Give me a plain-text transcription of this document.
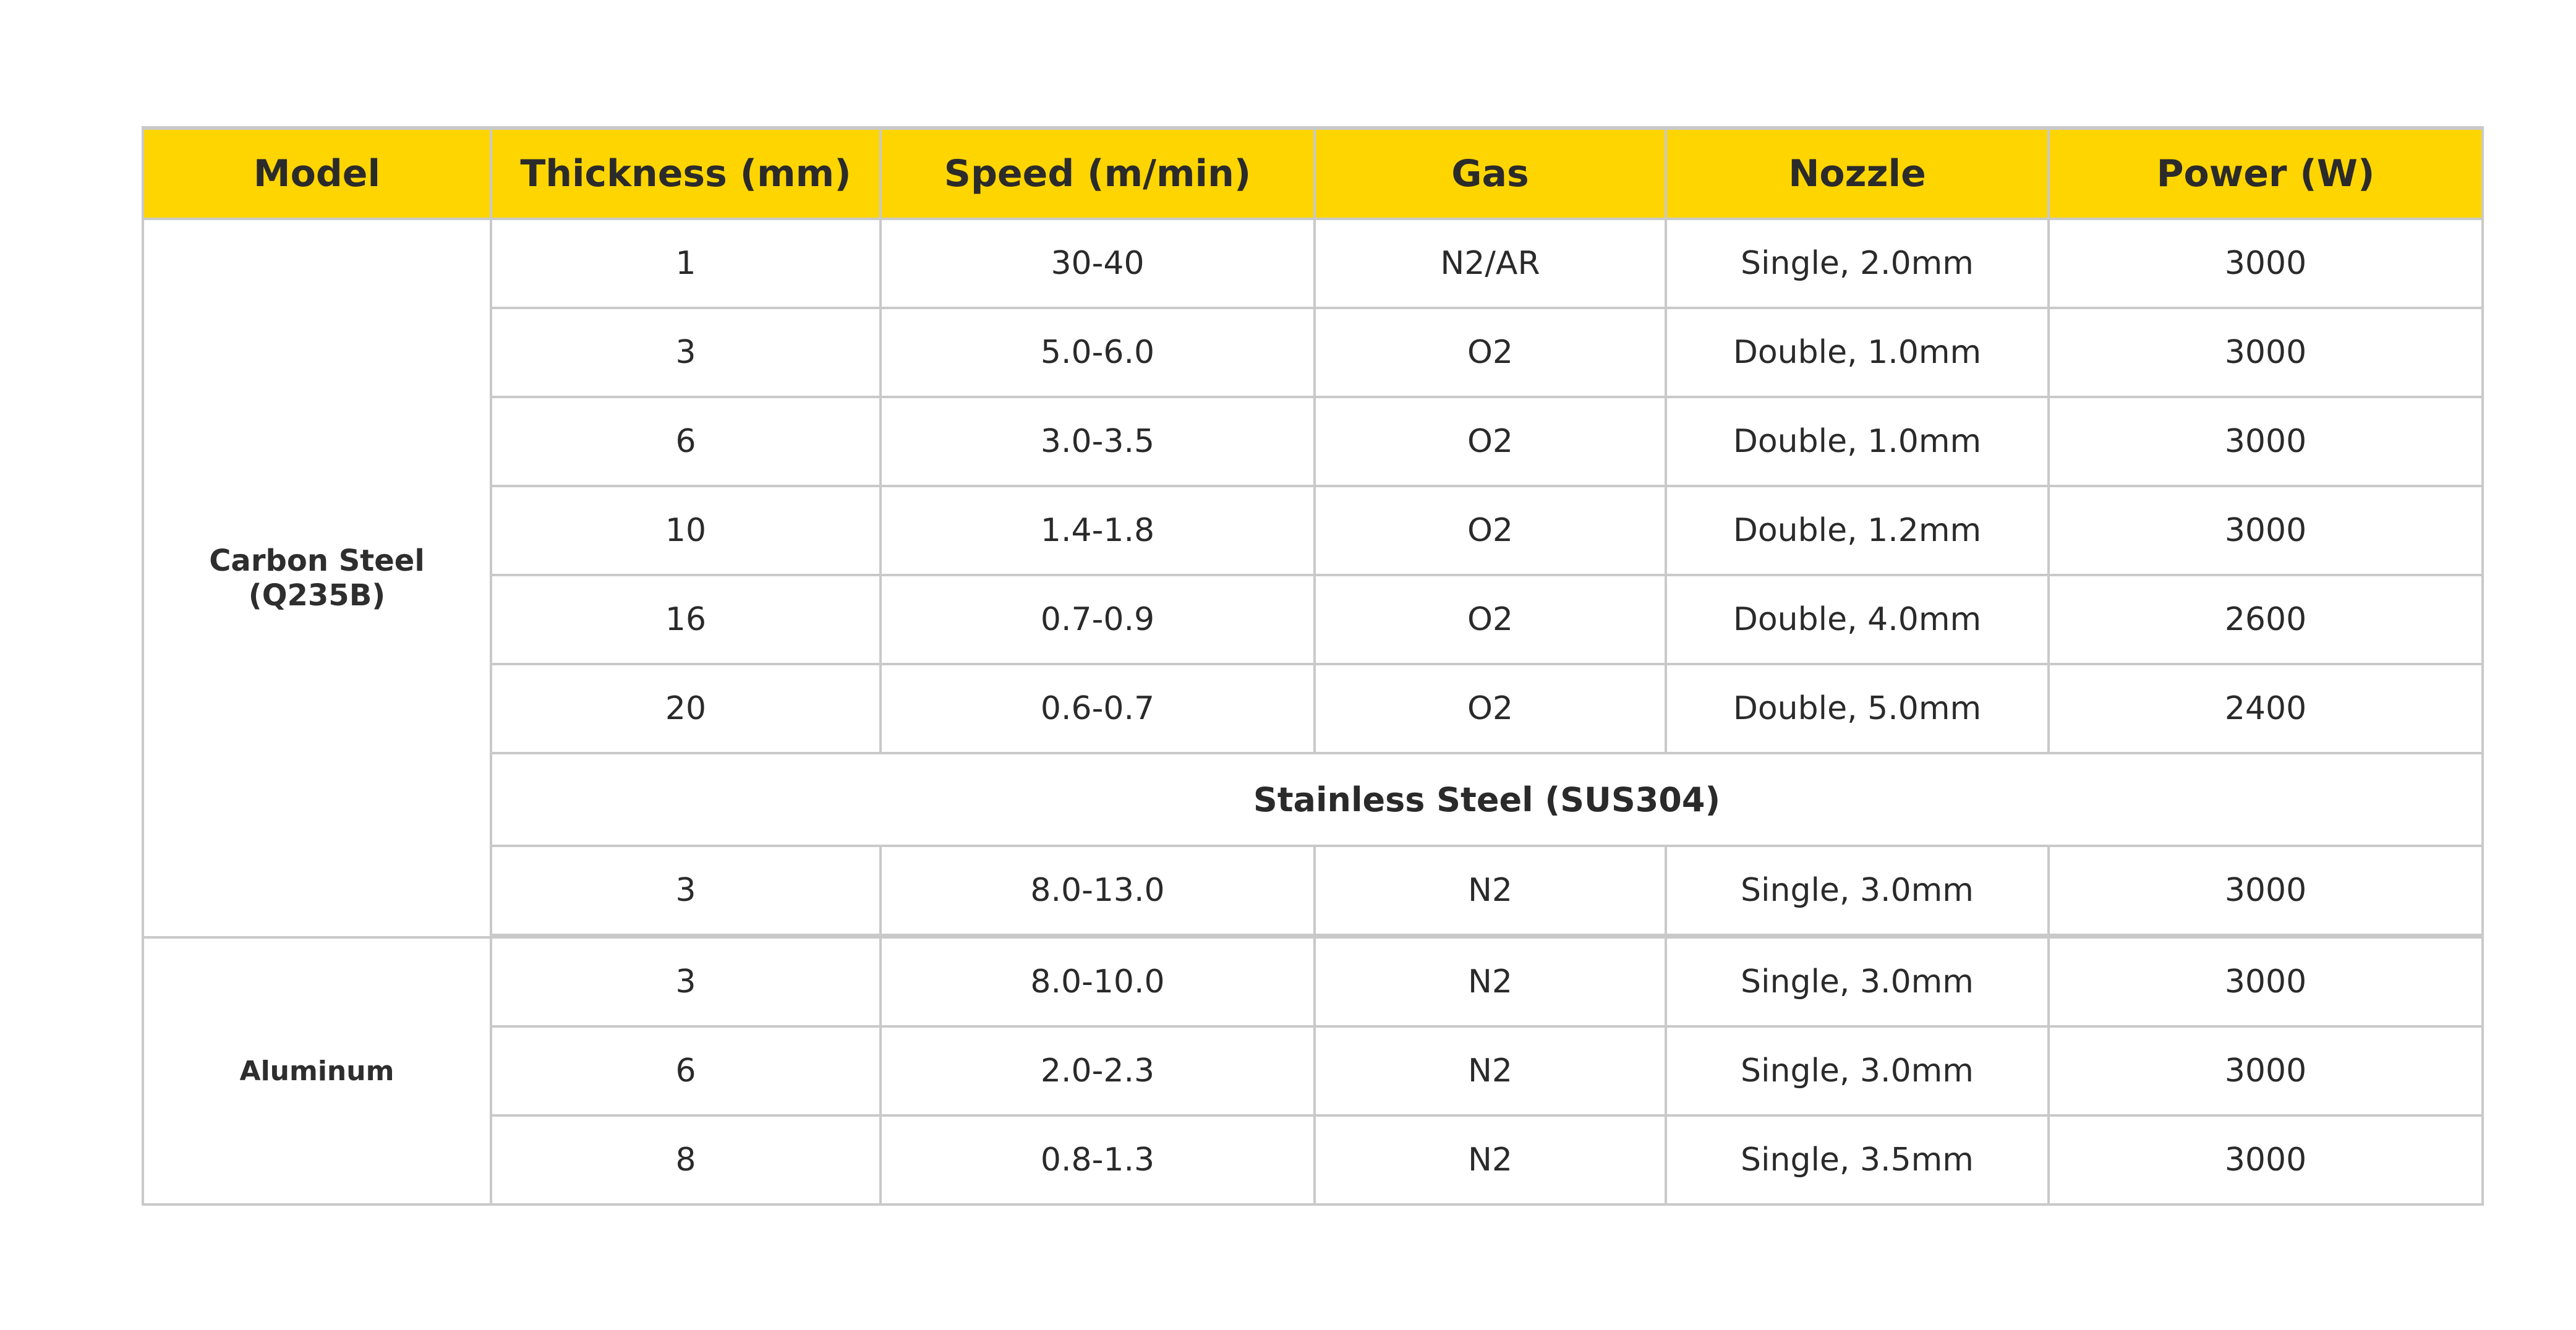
Model	Thickness (mm)	Speed (m/min)	Gas	Nozzle	Power (W)
Carbon Steel (Q235B)	1	30-40	N2/AR	Single, 2.0mm	3000
	3	5.0-6.0	O2	Double, 1.0mm	3000
	6	3.0-3.5	O2	Double, 1.0mm	3000
	10	1.4-1.8	O2	Double, 1.2mm	3000
	16	0.7-0.9	O2	Double, 4.0mm	2600
	20	0.6-0.7	O2	Double, 5.0mm	2400
	Stainless Steel (SUS304)				
	3	8.0-13.0	N2	Single, 3.0mm	3000

Aluminum	3	8.0-10.0	N2	Single, 3.0mm	3000
	6	2.0-2.3	N2	Single, 3.0mm	3000
	8	0.8-1.3	N2	Single, 3.5mm	3000
